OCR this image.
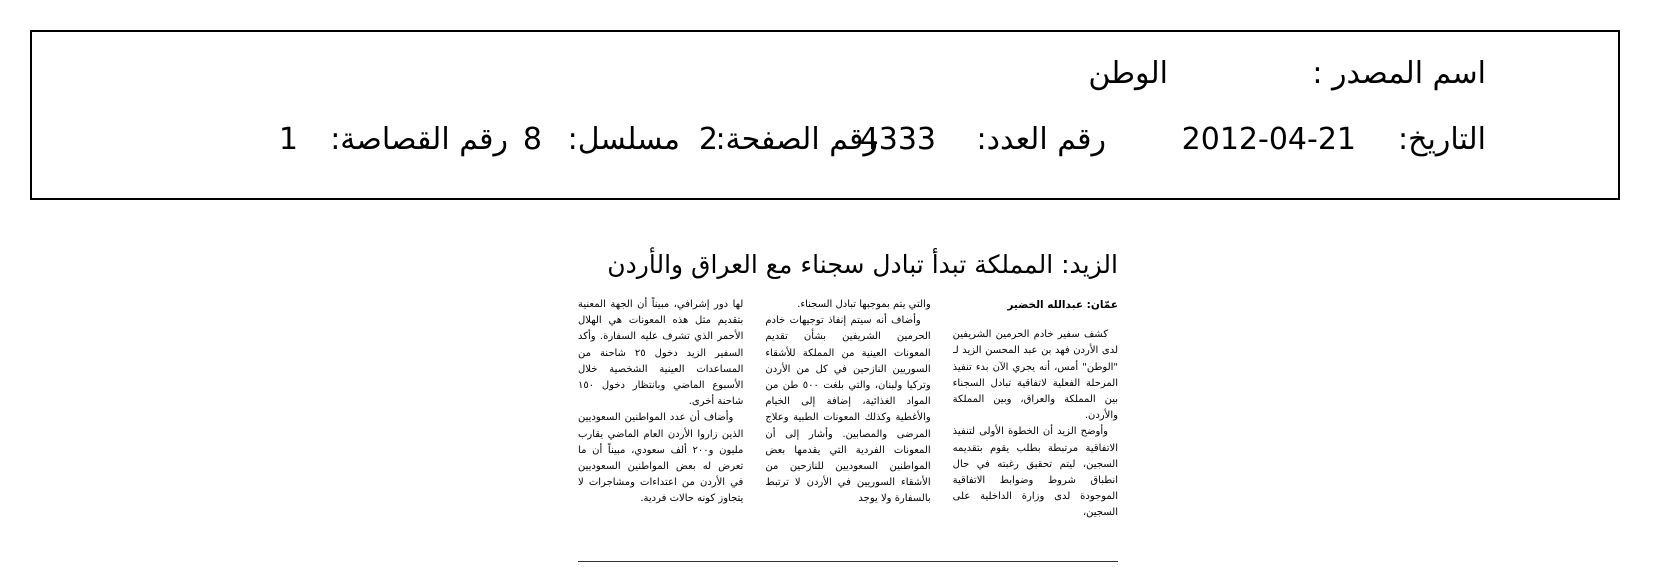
اسم المصدر :
الوطن
التاريخ:
2012-04-21
رقم العدد:
4333
رقم الصفحة:
2
مسلسل:
8
رقم القصاصة:
1
الزيد: المملكة تبدأ تبادل سجناء مع العراق والأردن
عمّان: عبدالله الخضير

كشف سفير خادم الحرمين الشريفين لدى الأردن فهد بن عبد المحسن الزيد لـ "الوطن" أمس، أنه يجري الآن بدء تنفيذ المرحلة الفعلية لاتفاقية تبادل السجناء بين المملكة والعراق، وبين المملكة والأردن.

وأوضح الزيد أن الخطوة الأولى لتنفيذ الاتفاقية مرتبطة بطلب يقوم بتقديمه السجين، ليتم تحقيق رغبته في حال انطباق شروط وضوابط الاتفاقية الموجودة لدى وزارة الداخلية على السجين،

والتي يتم بموجبها تبادل السجناء.

وأضاف أنه سيتم إنفاذ توجيهات خادم الحرمين الشريفين بشأن تقديم المعونات العينية من المملكة للأشقاء السوريين النازحين في كل من الأردن وتركيا ولبنان، والتي بلغت ٥٠٠ طن من المواد الغذائية، إضافة إلى الخيام والأغطية وكذلك المعونات الطبية وعلاج المرضى والمصابين. وأشار إلى أن المعونات الفردية التي يقدمها بعض المواطنين السعوديين للنازحين من الأشقاء السوريين في الأردن لا ترتبط بالسفارة ولا يوجد

لها دور إشرافي، مبيناً أن الجهة المعنية بتقديم مثل هذه المعونات هي الهلال الأحمر الذي تشرف عليه السفارة. وأكد السفير الزيد دخول ٢٥ شاحنة من المساعدات العينية الشخصية خلال الأسبوع الماضي وبانتظار دخول ١٥٠ شاحنة أخرى.

وأضاف أن عدد المواطنين السعوديين الذين زاروا الأردن العام الماضي يقارب مليون و٢٠٠ ألف سعودي، مبيناً أن ما تعرض له بعض المواطنين السعوديين في الأردن من اعتداءات ومشاجرات لا يتجاوز كونه حالات فردية.
